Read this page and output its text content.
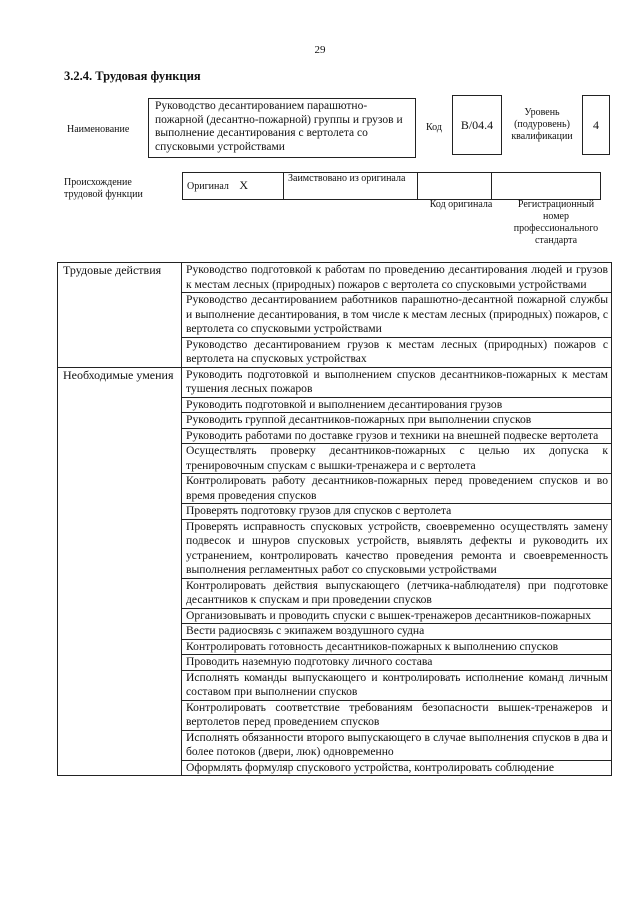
29
3.2.4. Трудовая функция
Наименование
Руководство десантированием парашютно-пожарной (десантно-пожарной) группы и грузов и выполнение десантирования с вертолета со спусковыми устройствами
Код	В/04.4
Уровень (подуровень) квалификации
4
Происхождение трудовой функции
Оригинал X	Заимствовано из оригинала		
Код оригинала	Регистрационный номер профессионального стандарта
Трудовые действия	Руководство подготовкой к работам по проведению десантирования людей и грузов к местам лесных (природных) пожаров с вертолета со спусковыми устройствами
	Руководство десантированием работников парашютно-десантной пожарной службы и выполнение десантирования, в том числе к местам лесных (природных) пожаров, с вертолета со спусковыми устройствами
	Руководство десантированием грузов к местам лесных (природных) пожаров с вертолета на спусковых устройствах
Необходимые умения	Руководить подготовкой и выполнением спусков десантников-пожарных к местам тушения лесных пожаров
	Руководить подготовкой и выполнением десантирования грузов
	Руководить группой десантников-пожарных при выполнении спусков
	Руководить работами по доставке грузов и техники на внешней подвеске вертолета
	Осуществлять проверку десантников-пожарных с целью их допуска к тренировочным спускам с вышки-тренажера и с вертолета
	Контролировать работу десантников-пожарных перед проведением спусков и во время проведения спусков
	Проверять подготовку грузов для спусков с вертолета
	Проверять исправность спусковых устройств, своевременно осуществлять замену подвесок и шнуров спусковых устройств, выявлять дефекты и руководить их устранением, контролировать качество проведения ремонта и своевременность выполнения регламентных работ со спусковыми устройствами
	Контролировать действия выпускающего (летчика-наблюдателя) при подготовке десантников к спускам и при проведении спусков
	Организовывать и проводить спуски с вышек-тренажеров десантников-пожарных
	Вести радиосвязь с экипажем воздушного судна
	Контролировать готовность десантников-пожарных к выполнению спусков
	Проводить наземную подготовку личного состава
	Исполнять команды выпускающего и контролировать исполнение команд личным составом при выполнении спусков
	Контролировать соответствие требованиям безопасности вышек-тренажеров и вертолетов перед проведением спусков
	Исполнять обязанности второго выпускающего в случае выполнения спусков в два и более потоков (двери, люк) одновременно
	Оформлять формуляр спускового устройства, контролировать соблюдение
